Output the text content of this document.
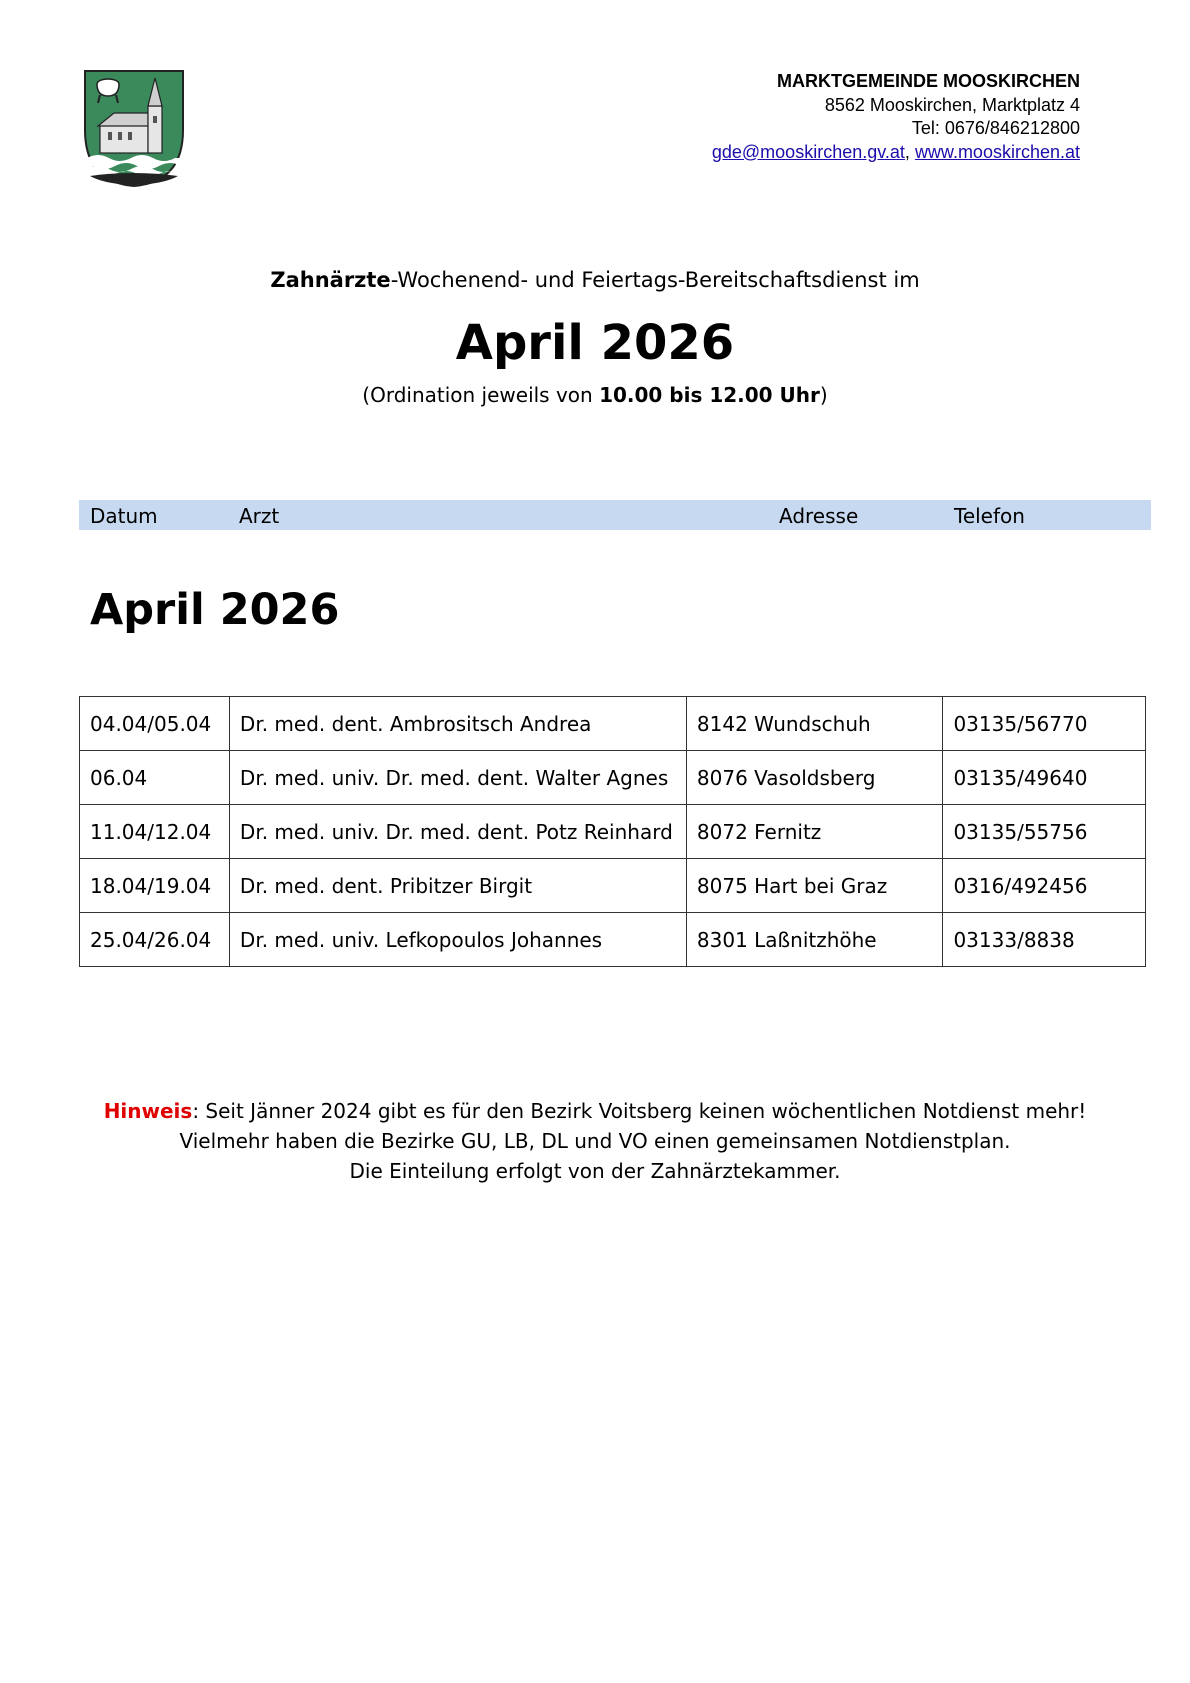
MARKTGEMEINDE MOOSKIRCHEN
8562 Mooskirchen, Marktplatz 4
Tel: 0676/846212800
gde@mooskirchen.gv.at, www.mooskirchen.at
Zahnärzte-Wochenend- und Feiertags-Bereitschaftsdienst im
April 2026
(Ordination jeweils von 10.00 bis 12.00 Uhr)
Datum	Arzt	Adresse	Telefon
April 2026
04.04/05.04	Dr. med. dent. Ambrositsch Andrea	8142 Wundschuh	03135/56770
06.04	Dr. med. univ. Dr. med. dent. Walter Agnes	8076 Vasoldsberg	03135/49640
11.04/12.04	Dr. med. univ. Dr. med. dent. Potz Reinhard	8072 Fernitz	03135/55756
18.04/19.04	Dr. med. dent. Pribitzer Birgit	8075 Hart bei Graz	0316/492456
25.04/26.04	Dr. med. univ. Lefkopoulos Johannes	8301 Laßnitzhöhe	03133/8838
Hinweis: Seit Jänner 2024 gibt es für den Bezirk Voitsberg keinen wöchentlichen Notdienst mehr!
Vielmehr haben die Bezirke GU, LB, DL und VO einen gemeinsamen Notdienstplan.
Die Einteilung erfolgt von der Zahnärztekammer.
